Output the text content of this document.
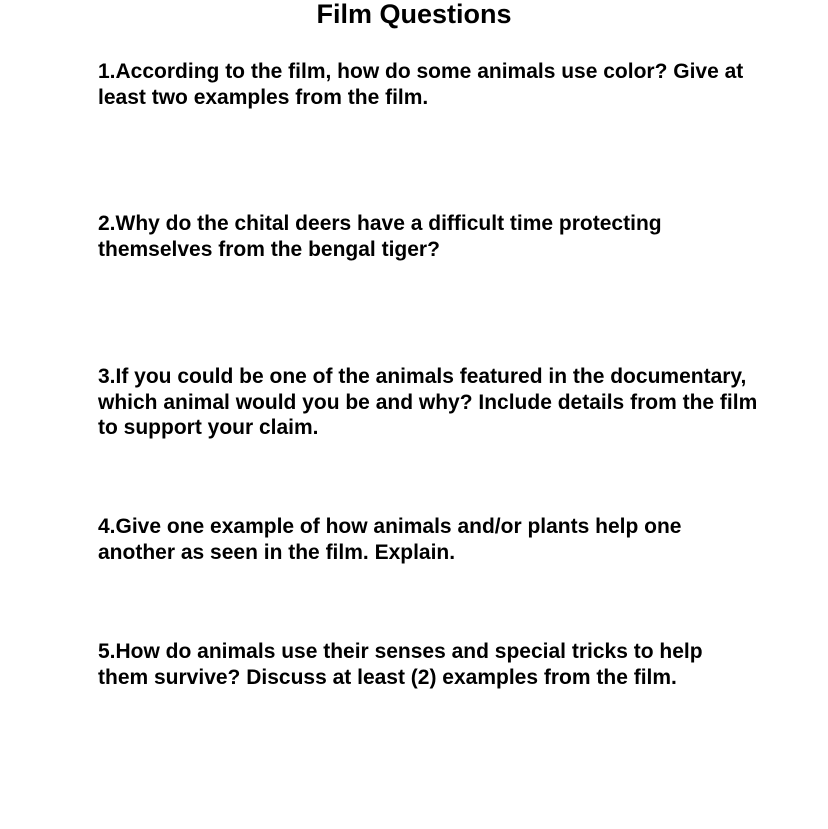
Film Questions

1.According to the film, how do some animals use color? Give at least two examples from the film.

2.Why do the chital deers have a difficult time protecting themselves from the bengal tiger?

3.If you could be one of the animals featured in the documentary, which animal would you be and why? Include details from the film to support your claim.

4.Give one example of how animals and/or plants help one another as seen in the film. Explain.

5.How do animals use their senses and special tricks to help them survive? Discuss at least (2) examples from the film.
